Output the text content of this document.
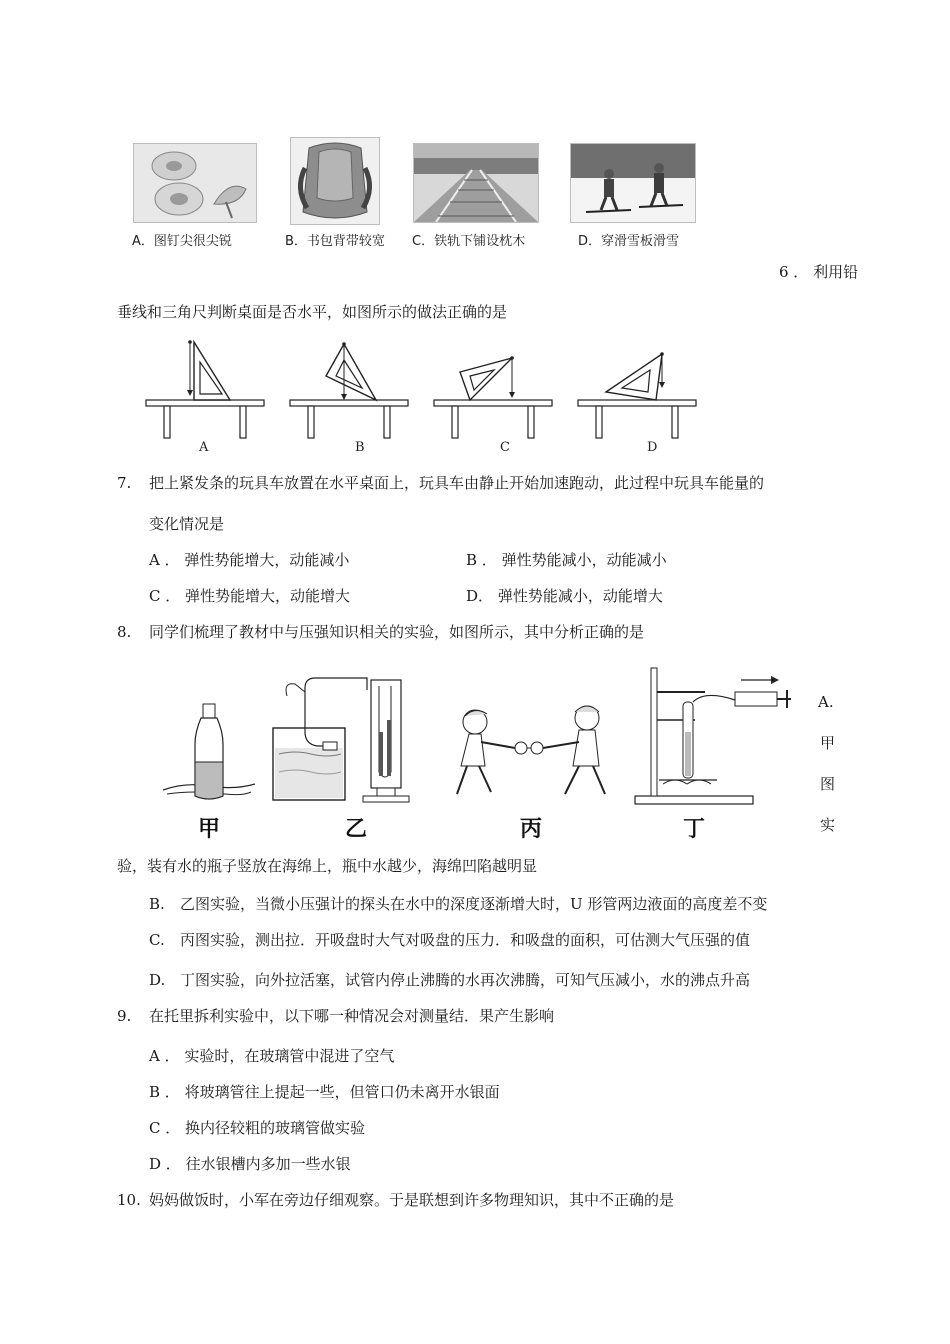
A．图钉尖很尖锐	B．书包背带较宽 C．铁轨下铺设枕木	D．穿滑雪板滑雪
6 ． 利用铅
垂线和三角尺判断桌面是否水平，如图所示的做法正确的是
A	B	C	D
7. 把上紧发条的玩具车放置在水平桌面上，玩具车由静止开始加速跑动，此过程中玩具车能量的
变化情况是
A ． 弹性势能增大，动能减小	B ． 弹性势能减小，动能减小
C ． 弹性势能增大，动能增大	D． 弹性势能减小，动能增大
8. 同学们梳理了教材中与压强知识相关的实验，如图所示，其中分析正确的是
甲	乙	丙	丁
A.
甲
图
实
验，装有水的瓶子竖放在海绵上，瓶中水越少，海绵凹陷越明显
B. 乙图实验，当微小压强计的探头在水中的深度逐渐增大时，U 形管两边液面的高度差不变
C. 丙图实验，测出拉．开吸盘时大气对吸盘的压力．和吸盘的面积，可估测大气压强的值
D. 丁图实验，向外拉活塞，试管内停止沸腾的水再次沸腾，可知气压减小，水的沸点升高
9. 在托里拆利实验中，以下哪一种情况会对测量结．果产生影响
A ． 实验时，在玻璃管中混进了空气
B ． 将玻璃管往上提起一些，但管口仍未离开水银面
C ． 换内径较粗的玻璃管做实验
D ． 往水银槽内多加一些水银
10. 妈妈做饭时，小军在旁边仔细观察。于是联想到许多物理知识，其中不正确的是
